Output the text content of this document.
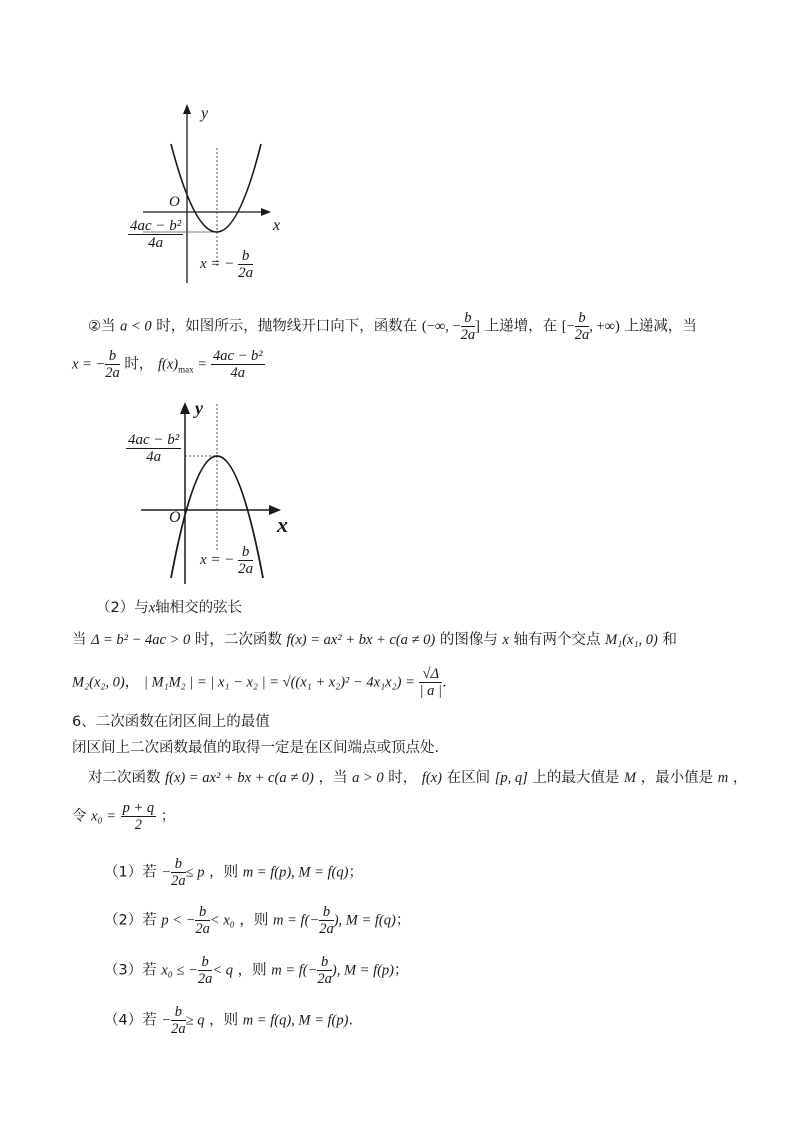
y
x
O
$\frac{\text{4ac − b²}}{4a}$
x = − $\frac{b}{2a}$
②当 a < 0 时，如图所示，抛物线开口向下，函数在 (−∞, − $\frac{b}{2a}$ ] 上递增，在 [− $\frac{b}{2a}$ , +∞) 上递减，当
x = − $\frac{b}{2a}$ 时， $f(x)_{max} = \frac{\text{4ac − b²}}{4a}$
y
x
O
$\frac{\text{4ac − b²}}{4a}$
x = − $\frac{b}{2a}$
（2）与x轴相交的弦长
当 Δ = b² − 4ac > 0 时，二次函数 f(x) = ax² + bx + c(a ≠ 0) 的图像与 x 轴有两个交点 M₁(x₁, 0) 和
M₂(x₂, 0)， | M₁M₂ | = | x₁ − x₂ | = $√((x_1 + x_2)^2 - 4x_1x_2) = \frac{√\Delta}{| a |}$ .
6、二次函数在闭区间上的最值
闭区间上二次函数最值的取得一定是在区间端点或顶点处.
对二次函数 f(x) = ax² + bx + c(a ≠ 0) ，当 a > 0 时， f(x) 在区间 [p, q] 上的最大值是 M ，最小值是 m ，
令 $x_0 = \frac{p + q}{2}$ ；
（1）若 − $\frac{b}{2a} \le p$ ，则 m = f(p), M = f(q)；
（2）若 p < − $\frac{b}{2a} < x_0$ ，则 $m = f(- \frac{b}{2a}$ ), M = f(q)；
（3）若 x₀ ≤ − $\frac{b}{2a} < q$ ，则 $m = f(- \frac{b}{2a}$ ), M = f(p)；
（4）若 − $\frac{b}{2a} \ge q$ ，则 m = f(q), M = f(p).
